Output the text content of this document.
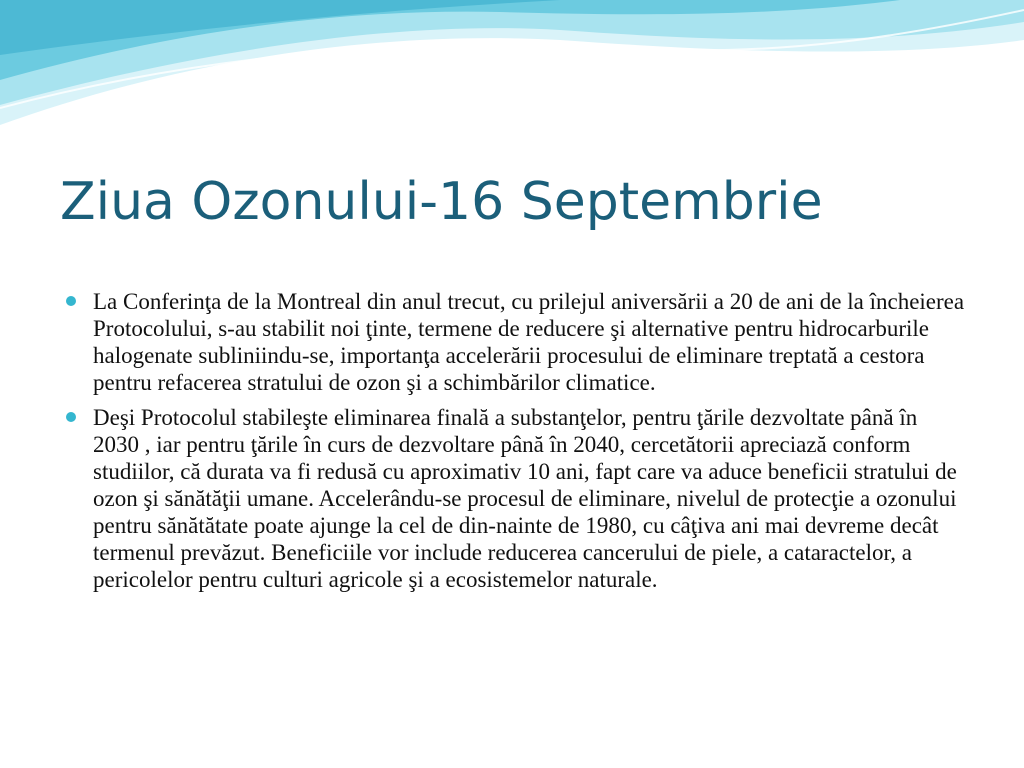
Ziua Ozonului-16 Septembrie
La Conferinţa de la Montreal din anul trecut, cu prilejul aniversării a 20 de ani de la încheierea Protocolului, s-au stabilit noi ţinte, termene de reducere şi alternative pentru hidrocarburile halogenate subliniindu-se, importanţa accelerării procesului de eliminare treptată a cestora pentru refacerea stratului de ozon şi a schimbărilor climatice.
Deşi Protocolul stabileşte eliminarea finală a substanţelor, pentru ţările dezvoltate până în 2030 , iar pentru ţările în curs de dezvoltare până în 2040, cercetătorii apreciază conform studiilor, că durata va fi redusă cu aproximativ 10 ani, fapt care va aduce beneficii stratului de ozon şi sănătăţii umane. Accelerându-se procesul de eliminare, nivelul de protecţie a ozonului pentru sănătătate poate ajunge la cel de din-nainte de 1980, cu câţiva ani mai devreme decât termenul prevăzut. Beneficiile vor include reducerea cancerului de piele, a cataractelor, a pericolelor pentru culturi agricole şi a ecosistemelor naturale.
